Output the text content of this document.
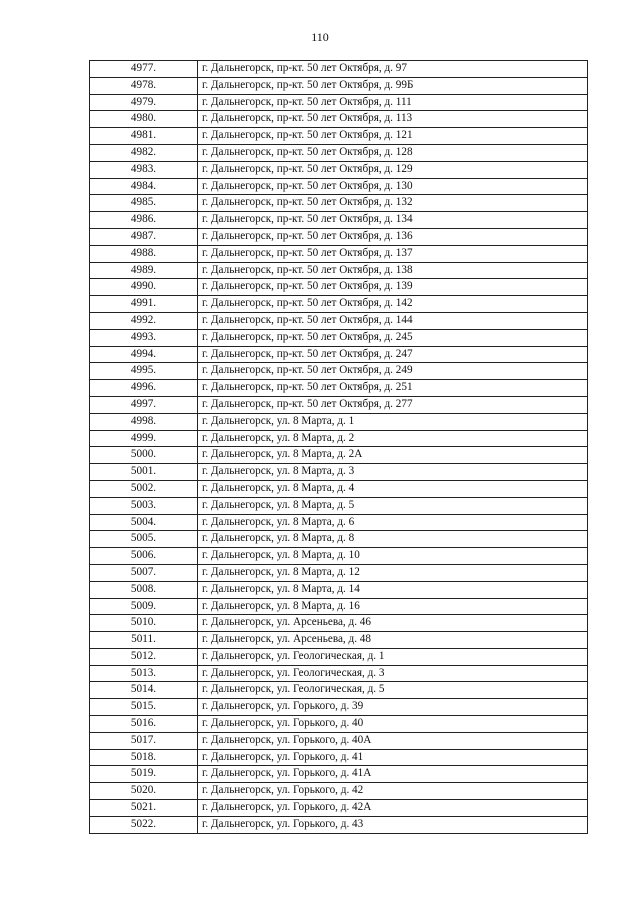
110
4977.	г. Дальнегорск, пр-кт. 50 лет Октября, д. 97
4978.	г. Дальнегорск, пр-кт. 50 лет Октября, д. 99Б
4979.	г. Дальнегорск, пр-кт. 50 лет Октября, д. 111
4980.	г. Дальнегорск, пр-кт. 50 лет Октября, д. 113
4981.	г. Дальнегорск, пр-кт. 50 лет Октября, д. 121
4982.	г. Дальнегорск, пр-кт. 50 лет Октября, д. 128
4983.	г. Дальнегорск, пр-кт. 50 лет Октября, д. 129
4984.	г. Дальнегорск, пр-кт. 50 лет Октября, д. 130
4985.	г. Дальнегорск, пр-кт. 50 лет Октября, д. 132
4986.	г. Дальнегорск, пр-кт. 50 лет Октября, д. 134
4987.	г. Дальнегорск, пр-кт. 50 лет Октября, д. 136
4988.	г. Дальнегорск, пр-кт. 50 лет Октября, д. 137
4989.	г. Дальнегорск, пр-кт. 50 лет Октября, д. 138
4990.	г. Дальнегорск, пр-кт. 50 лет Октября, д. 139
4991.	г. Дальнегорск, пр-кт. 50 лет Октября, д. 142
4992.	г. Дальнегорск, пр-кт. 50 лет Октября, д. 144
4993.	г. Дальнегорск, пр-кт. 50 лет Октября, д. 245
4994.	г. Дальнегорск, пр-кт. 50 лет Октября, д. 247
4995.	г. Дальнегорск, пр-кт. 50 лет Октября, д. 249
4996.	г. Дальнегорск, пр-кт. 50 лет Октября, д. 251
4997.	г. Дальнегорск, пр-кт. 50 лет Октября, д. 277
4998.	г. Дальнегорск, ул. 8 Марта, д. 1
4999.	г. Дальнегорск, ул. 8 Марта, д. 2
5000.	г. Дальнегорск, ул. 8 Марта, д. 2А
5001.	г. Дальнегорск, ул. 8 Марта, д. 3
5002.	г. Дальнегорск, ул. 8 Марта, д. 4
5003.	г. Дальнегорск, ул. 8 Марта, д. 5
5004.	г. Дальнегорск, ул. 8 Марта, д. 6
5005.	г. Дальнегорск, ул. 8 Марта, д. 8
5006.	г. Дальнегорск, ул. 8 Марта, д. 10
5007.	г. Дальнегорск, ул. 8 Марта, д. 12
5008.	г. Дальнегорск, ул. 8 Марта, д. 14
5009.	г. Дальнегорск, ул. 8 Марта, д. 16
5010.	г. Дальнегорск, ул. Арсеньева, д. 46
5011.	г. Дальнегорск, ул. Арсеньева, д. 48
5012.	г. Дальнегорск, ул. Геологическая, д. 1
5013.	г. Дальнегорск, ул. Геологическая, д. 3
5014.	г. Дальнегорск, ул. Геологическая, д. 5
5015.	г. Дальнегорск, ул. Горького, д. 39
5016.	г. Дальнегорск, ул. Горького, д. 40
5017.	г. Дальнегорск, ул. Горького, д. 40А
5018.	г. Дальнегорск, ул. Горького, д. 41
5019.	г. Дальнегорск, ул. Горького, д. 41А
5020.	г. Дальнегорск, ул. Горького, д. 42
5021.	г. Дальнегорск, ул. Горького, д. 42А
5022.	г. Дальнегорск, ул. Горького, д. 43
